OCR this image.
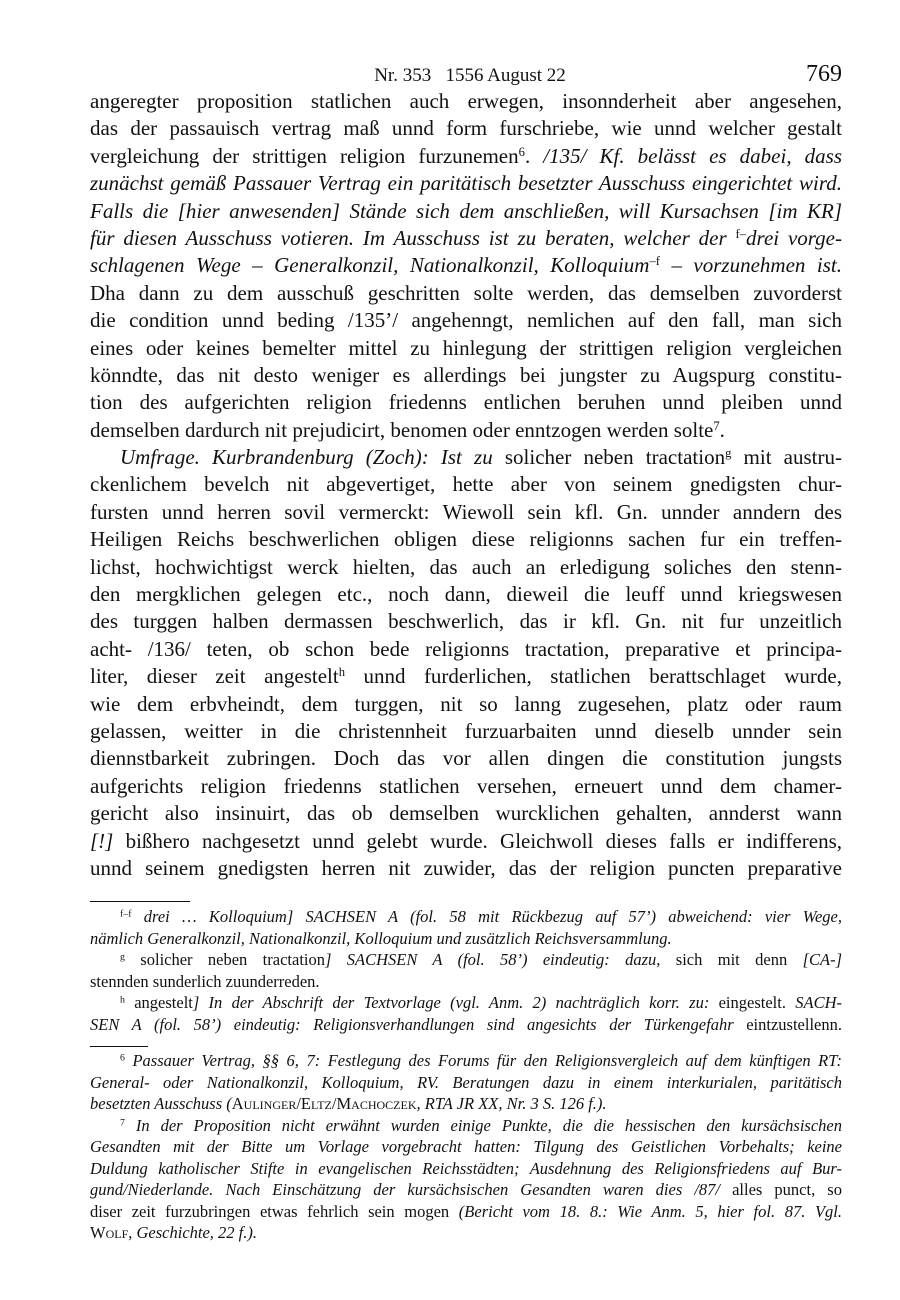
Nr. 353   1556 August 22	769
angeregter proposition statlichen auch erwegen, insonnderheit aber angesehen,
das der passauisch vertrag maß unnd form furschriebe, wie unnd welcher gestalt
vergleichung der strittigen religion furzunemen$^6$. /135/ Kf. belässt es dabei, dass
zunächst gemäß Passauer Vertrag ein paritätisch besetzter Ausschuss eingerichtet wird.
Falls die [hier anwesenden] Stände sich dem anschließen, will Kursachsen [im KR]
für diesen Ausschuss votieren. Im Ausschuss ist zu beraten, welcher der $^{f-}$drei vorge-
schlagenen Wege – Generalkonzil, Nationalkonzil, Kolloquium$^{-f}$ – vorzunehmen ist.
Dha dann zu dem ausschuß geschritten solte werden, das demselben zuvorderst
die condition unnd beding /135’/ angehenngt, nemlichen auf den fall, man sich
eines oder keines bemelter mittel zu hinlegung der strittigen religion vergleichen
könndte, das nit desto weniger es allerdings bei jungster zu Augspurg constitu-
tion des aufgerichten religion friedenns entlichen beruhen unnd pleiben unnd
demselben dardurch nit prejudicirt, benomen oder enntzogen werden solte$^7$.
Umfrage. Kurbrandenburg (Zoch): Ist zu solicher neben tractation$^g$ mit austru-
ckenlichem bevelch nit abgevertiget, hette aber von seinem gnedigsten chur-
fursten unnd herren sovil vermerckt: Wiewoll sein kfl. Gn. unnder anndern des
Heiligen Reichs beschwerlichen obligen diese religionns sachen fur ein treffen-
lichst, hochwichtigst werck hielten, das auch an erledigung soliches den stenn-
den mergklichen gelegen etc., noch dann, dieweil die leuff unnd kriegswesen
des turggen halben dermassen beschwerlich, das ir kfl. Gn. nit fur unzeitlich
acht- /136/ teten, ob schon bede religionns tractation, preparative et principa-
liter, dieser zeit angestelt$^h$ unnd furderlichen, statlichen berattschlaget wurde,
wie dem erbvheindt, dem turggen, nit so lanng zugesehen, platz oder raum
gelassen, weitter in die christennheit furzuarbaiten unnd dieselb unnder sein
diennstbarkeit zubringen. Doch das vor allen dingen die constitution jungsts
aufgerichts religion friedenns statlichen versehen, erneuert unnd dem chamer-
gericht also insinuirt, das ob demselben wurcklichen gehalten, annderst wann
[!] bißhero nachgesetzt unnd gelebt wurde. Gleichwoll dieses falls er indifferens,
unnd seinem gnedigsten herren nit zuwider, das der religion puncten preparative
$^{f-f}$ drei … Kolloquium] SACHSEN A (fol. 58 mit Rückbezug auf 57’) abweichend: vier Wege,
nämlich Generalkonzil, Nationalkonzil, Kolloquium und zusätzlich Reichsversammlung.
$^g$ solicher neben tractation] SACHSEN A (fol. 58’) eindeutig: dazu, sich mit denn [CA-]
stennden sunderlich zuunderreden.
$^h$ angestelt] In der Abschrift der Textvorlage (vgl. Anm. 2) nachträglich korr. zu: eingestelt. SACH-
SEN A (fol. 58’) eindeutig: Religionsverhandlungen sind angesichts der Türkengefahr eintzustellenn.
$^6$ Passauer Vertrag, §§ 6, 7: Festlegung des Forums für den Religionsvergleich auf dem künftigen RT:
General- oder Nationalkonzil, Kolloquium, RV. Beratungen dazu in einem interkurialen, paritätisch
besetzten Ausschuss (Aulinger/Eltz/Machoczek, RTA JR XX, Nr. 3 S. 126 f.).
$^7$ In der Proposition nicht erwähnt wurden einige Punkte, die die hessischen den kursächsischen
Gesandten mit der Bitte um Vorlage vorgebracht hatten: Tilgung des Geistlichen Vorbehalts; keine
Duldung katholischer Stifte in evangelischen Reichsstädten; Ausdehnung des Religionsfriedens auf Bur-
gund/Niederlande. Nach Einschätzung der kursächsischen Gesandten waren dies /87/ alles punct, so
diser zeit furzubringen etwas fehrlich sein mogen (Bericht vom 18. 8.: Wie Anm. 5, hier fol. 87. Vgl.
Wolf, Geschichte, 22 f.).
